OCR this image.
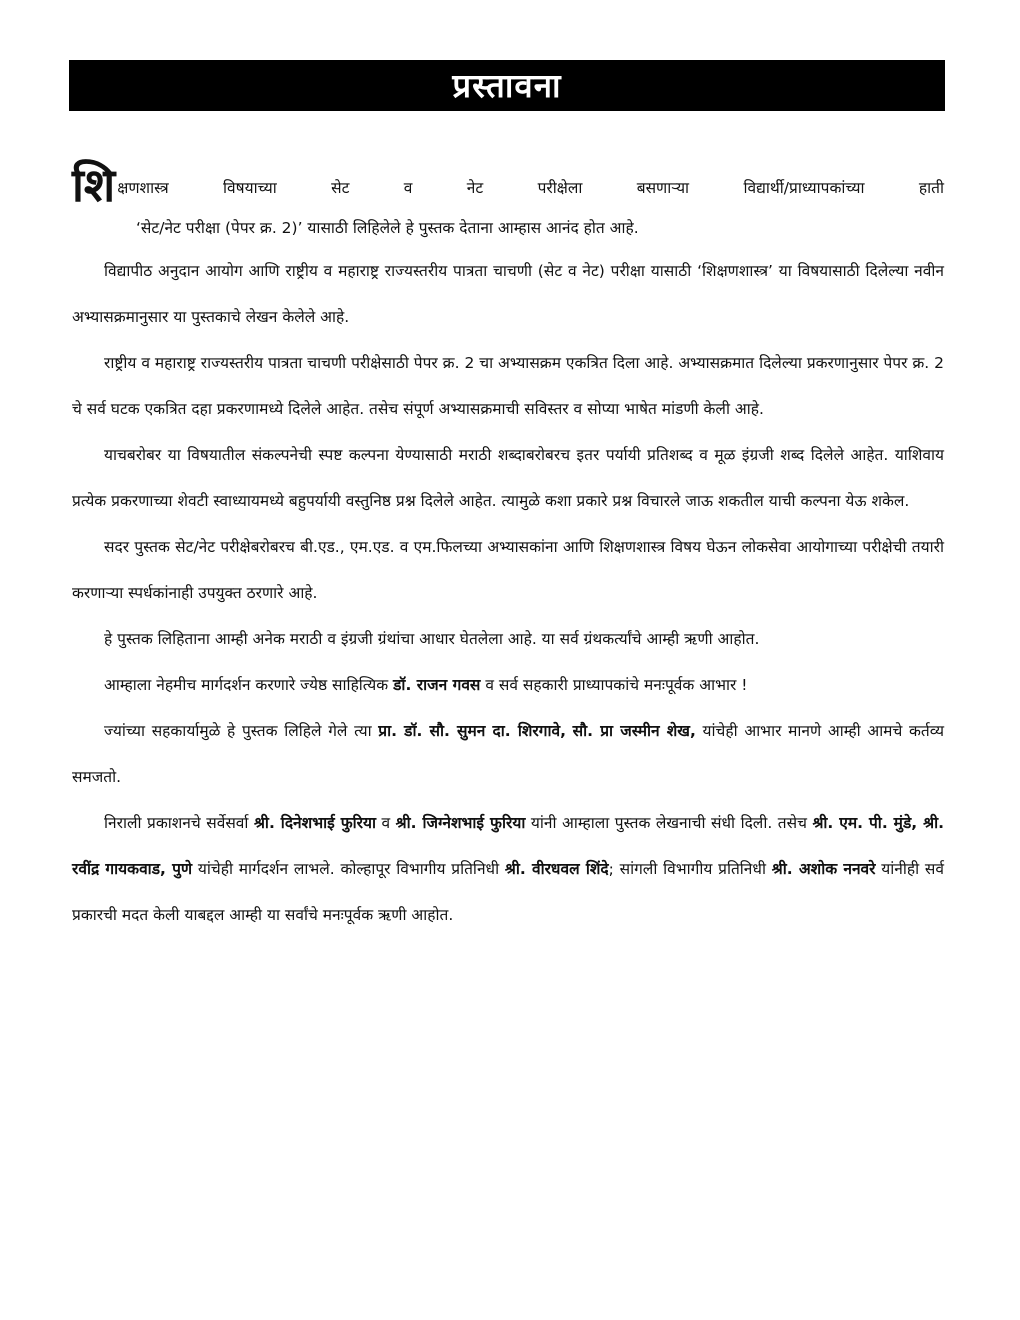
प्रस्तावना
शि क्षणशास्त्र विषयाच्या सेट व नेट परीक्षेला बसणाऱ्या विद्यार्थी/प्राध्यापकांच्या हाती

‘सेट/नेट परीक्षा (पेपर क्र. 2)’ यासाठी लिहिलेले हे पुस्तक देताना आम्हास आनंद होत आहे.

विद्यापीठ अनुदान आयोग आणि राष्ट्रीय व महाराष्ट्र राज्यस्तरीय पात्रता चाचणी (सेट व नेट) परीक्षा यासाठी ‘शिक्षणशास्त्र’ या विषयासाठी दिलेल्या नवीन अभ्यासक्रमानुसार या पुस्तकाचे लेखन केलेले आहे.

राष्ट्रीय व महाराष्ट्र राज्यस्तरीय पात्रता चाचणी परीक्षेसाठी पेपर क्र. 2 चा अभ्यासक्रम एकत्रित दिला आहे. अभ्यासक्रमात दिलेल्या प्रकरणानुसार पेपर क्र. 2 चे सर्व घटक एकत्रित दहा प्रकरणामध्ये दिलेले आहेत. तसेच संपूर्ण अभ्यासक्रमाची सविस्तर व सोप्या भाषेत मांडणी केली आहे.

याचबरोबर या विषयातील संकल्पनेची स्पष्ट कल्पना येण्यासाठी मराठी शब्दाबरोबरच इतर पर्यायी प्रतिशब्द व मूळ इंग्रजी शब्द दिलेले आहेत. याशिवाय प्रत्येक प्रकरणाच्या शेवटी स्वाध्यायमध्ये बहुपर्यायी वस्तुनिष्ठ प्रश्न दिलेले आहेत. त्यामुळे कशा प्रकारे प्रश्न विचारले जाऊ शकतील याची कल्पना येऊ शकेल.

सदर पुस्तक सेट/नेट परीक्षेबरोबरच बी.एड., एम.एड. व एम.फिलच्या अभ्यासकांना आणि शिक्षणशास्त्र विषय घेऊन लोकसेवा आयोगाच्या परीक्षेची तयारी करणाऱ्या स्पर्धकांनाही उपयुक्त ठरणारे आहे.

हे पुस्तक लिहिताना आम्ही अनेक मराठी व इंग्रजी ग्रंथांचा आधार घेतलेला आहे. या सर्व ग्रंथकर्त्यांचे आम्ही ऋणी आहोत.

आम्हाला नेहमीच मार्गदर्शन करणारे ज्येष्ठ साहित्यिक डॉ. राजन गवस व सर्व सहकारी प्राध्यापकांचे मनःपूर्वक आभार !

ज्यांच्या सहकार्यामुळे हे पुस्तक लिहिले गेले त्या प्रा. डॉ. सौ. सुमन दा. शिरगावे, सौ. प्रा जस्मीन शेख, यांचेही आभार मानणे आम्ही आमचे कर्तव्य समजतो.

निराली प्रकाशनचे सर्वेसर्वा श्री. दिनेशभाई फुरिया व श्री. जिग्नेशभाई फुरिया यांनी आम्हाला पुस्तक लेखनाची संधी दिली. तसेच श्री. एम. पी. मुंडे, श्री. रवींद्र गायकवाड, पुणे यांचेही मार्गदर्शन लाभले. कोल्हापूर विभागीय प्रतिनिधी श्री. वीरधवल शिंदे; सांगली विभागीय प्रतिनिधी श्री. अशोक ननवरे यांनीही सर्व प्रकारची मदत केली याबद्दल आम्ही या सर्वांचे मनःपूर्वक ऋणी आहोत.
